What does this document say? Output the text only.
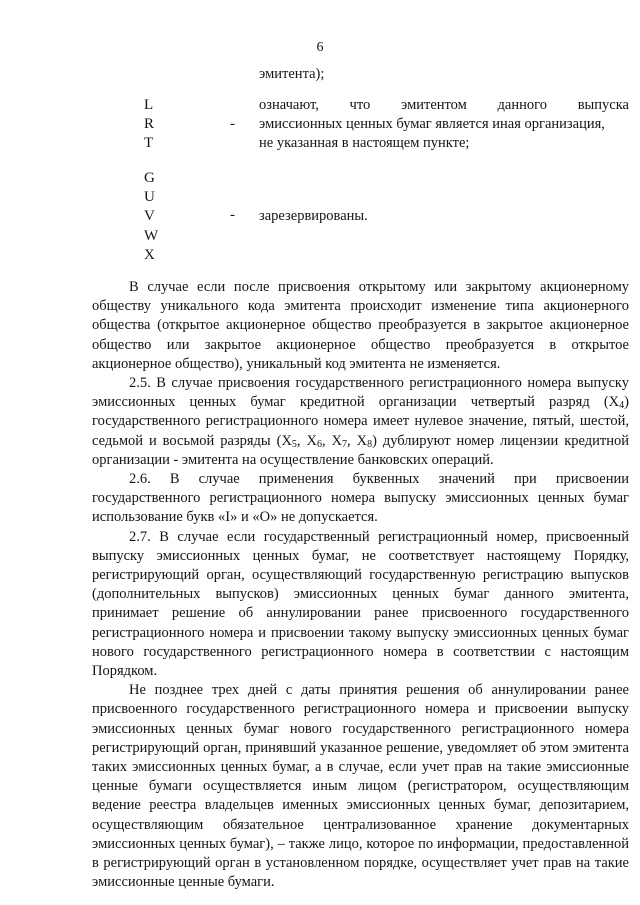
6
эмитента);
L
R
T
-
означают, что эмитентом данного выпуска
эмиссионных ценных бумаг является иная организация,
не указанная в настоящем пункте;
G
U
V
W
X
- зарезервированы.

В случае если после присвоения открытому или закрытому акционерному обществу уникального кода эмитента происходит изменение типа акционерного общества (открытое акционерное общество преобразуется в закрытое акционерное общество или закрытое акционерное общество преобразуется в открытое акционерное общество), уникальный код эмитента не изменяется.

2.5. В случае присвоения государственного регистрационного номера выпуску эмиссионных ценных бумаг кредитной организации четвертый разряд $(X_4)$ государственного регистрационного номера имеет нулевое значение, пятый, шестой, седьмой и восьмой разряды ($X_5$, $X_6$, $X_7$, $X_8$) дублируют номер лицензии кредитной организации - эмитента на осуществление банковских операций.

2.6. В случае применения буквенных значений при присвоении государственного регистрационного номера выпуску эмиссионных ценных бумаг использование букв «I» и «O» не допускается.

2.7. В случае если государственный регистрационный номер, присвоенный выпуску эмиссионных ценных бумаг, не соответствует настоящему Порядку, регистрирующий орган, осуществляющий государственную регистрацию выпусков (дополнительных выпусков) эмиссионных ценных бумаг данного эмитента, принимает решение об аннулировании ранее присвоенного государственного регистрационного номера и присвоении такому выпуску эмиссионных ценных бумаг нового государственного регистрационного номера в соответствии с настоящим Порядком.

Не позднее трех дней с даты принятия решения об аннулировании ранее присвоенного государственного регистрационного номера и присвоении выпуску эмиссионных ценных бумаг нового государственного регистрационного номера регистрирующий орган, принявший указанное решение, уведомляет об этом эмитента таких эмиссионных ценных бумаг, а в случае, если учет прав на такие эмиссионные ценные бумаги осуществляется иным лицом (регистратором, осуществляющим ведение реестра владельцев именных эмиссионных ценных бумаг, депозитарием, осуществляющим обязательное централизованное хранение документарных эмиссионных ценных бумаг), – также лицо, которое по информации, предоставленной в регистрирующий орган в установленном порядке, осуществляет учет прав на такие эмиссионные ценные бумаги.
